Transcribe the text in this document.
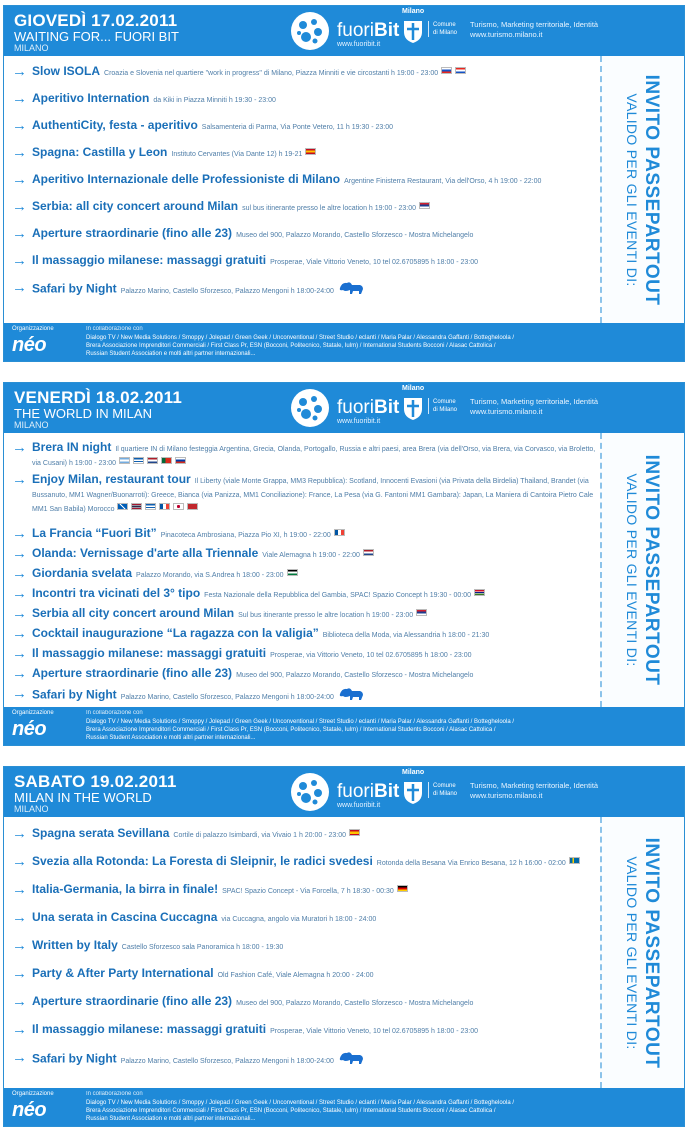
GIOVEDÌ 17.02.2011
WAITING FOR... FUORI BIT
MILANO
fuoriBit
www.fuoribit.it
Milano
Comune
di Milano
Turismo, Marketing territoriale, Identità
www.turismo.milano.it
→ Slow ISOLA Croazia e Slovenia nel quartiere "work in progress" di Milano, Piazza Minniti e vie circostanti h 19:00 - 23:00
→ Aperitivo Internation da Kiki in Piazza Minniti h 19:30 - 23:00
→ AuthentiCity, festa - aperitivo Salsamenteria di Parma, Via Ponte Vetero, 11 h 19:30 - 23:00
→ Spagna: Castilla y Leon Instituto Cervantes (Via Dante 12) h 19-21
→ Aperitivo Internazionale delle Professioniste di Milano Argentine Finisterra Restaurant, Via dell'Orso, 4 h 19:00 - 22:00
→ Serbia: all city concert around Milan sul bus itinerante presso le altre location h 19:00 - 23:00
→ Aperture straordinarie (fino alle 23) Museo del 900, Palazzo Morando, Castello Sforzesco - Mostra Michelangelo
→ Il massaggio milanese: massaggi gratuiti Prosperaе, Viale Vittorio Veneto, 10 tel 02.6705895 h 18:00 - 23:00
→ Safari by Night Palazzo Marino, Castello Sforzesco, Palazzo Mengoni h 18:00-24:00	INVITO PASSEPARTOUT
VALIDO PER GLI EVENTI DI:
Organizzazione
néo
In collaborazione con
Dialogo TV / New Media Solutions / Smoppy / Jolepad / Green Geek / Unconventional / Street Studio / eclanti / Maria Palar / Alessandra Gaffanti / Bottegheloola / Brera Associazione Imprenditori Commerciali / First Class Pr, ESN (Bocconi, Politecnico, Statale, Iulm) / International Students Bocconi / Alasac Cattolica / Russian Student Association e molti altri partner internazionali...
VENERDÌ 18.02.2011
THE WORLD IN MILAN
MILANO
fuoriBit
www.fuoribit.it
Milano
Comune
di Milano
Turismo, Marketing territoriale, Identità
www.turismo.milano.it
→ Brera IN night Il quartiere IN di Milano festeggia Argentina, Grecia, Olanda, Portogallo, Russia e altri paesi, area Brera (via dell'Orso, via Brera, via Corvasco, via Broletto, via Cusani) h 19:00 - 23:00
→ Enjoy Milan, restaurant tour Il Liberty (viale Monte Grappa, MM3 Repubblica): Scotland, Innocenti Evasioni (via Privata della Birdelia) Thailand, Brandet (via Bussanuto, MM1 Wagner/Buonarroti): Greece, Bianca (via Panizza, MM1 Conciliazione): France, La Pesa (via G. Fantoni MM1 Gambara): Japan, La Maniera di Cantoira Pietro Cale MM1 San Babila) Morocco
→ La Francia “Fuori Bit” Pinacoteca Ambrosiana, Piazza Pio XI, h 19:00 - 22:00
→ Olanda: Vernissage d'arte alla Triennale Viale Alemagna h 19:00 - 22:00
→ Giordania svelata Palazzo Morando, via S.Andrea h 18:00 - 23:00
→ Incontri tra vicinati del 3° tipo Festa Nazionale della Repubblica del Gambia, SPAC! Spazio Concept h 19:30 - 00:00
→ Serbia all city concert around Milan Sul bus itinerante presso le altre location h 19:00 - 23:00
→ Cocktail inaugurazione “La ragazza con la valigia” Biblioteca della Moda, via Alessandria h 18:00 - 21:30
→ Il massaggio milanese: massaggi gratuiti Prosperaе, via Vittorio Veneto, 10 tel 02.6705895 h 18:00 - 23:00
→ Aperture straordinarie (fino alle 23) Museo del 900, Palazzo Morando, Castello Sforzesco - Mostra Michelangelo
→ Safari by Night Palazzo Marino, Castello Sforzesco, Palazzo Mengoni h 18:00-24:00
INVITO PASSEPARTOUT
VALIDO PER GLI EVENTI DI:
Organizzazione
néo
In collaborazione con
Dialogo TV / New Media Solutions / Smoppy / Jolepad / Green Geek / Unconventional / Street Studio / eclanti / Maria Palar / Alessandra Gaffanti / Bottegheloola / Brera Associazione Imprenditori Commerciali / First Class Pr, ESN (Bocconi, Politecnico, Statale, Iulm) / International Students Bocconi / Alasac Cattolica / Russian Student Association e molti altri partner internazionali...
SABATO 19.02.2011
MILAN IN THE WORLD
MILANO
fuoriBit
www.fuoribit.it
Milano
Comune
di Milano
Turismo, Marketing territoriale, Identità
www.turismo.milano.it
→ Spagna serata Sevillana Cortile di palazzo Isimbardi, via Vivaio 1 h 20:00 - 23:00
→ Svezia alla Rotonda: La Foresta di Sleipnir, le radici svedesi Rotonda della Besana Via Enrico Besana, 12 h 16:00 - 02:00
→ Italia-Germania, la birra in finale! SPAC! Spazio Concept - Via Forcella, 7 h 18:30 - 00:30
→ Una serata in Cascina Cuccagna via Cuccagna, angolo via Muratori h 18:00 - 24:00
→ Written by Italy Castello Sforzesco sala Panoramica h 18:00 - 19:30
→ Party & After Party International Old Fashion Café, Viale Alemagna h 20:00 - 24:00
→ Aperture straordinarie (fino alle 23) Museo del 900, Palazzo Morando, Castello Sforzesco - Mostra Michelangelo
→ Il massaggio milanese: massaggi gratuiti Prosperaе, Viale Vittorio Veneto, 10 tel 02.6705895 h 18:00 - 23:00
→ Safari by Night Palazzo Marino, Castello Sforzesco, Palazzo Mengoni h 18:00-24:00	INVITO PASSEPARTOUT
VALIDO PER GLI EVENTI DI:
Organizzazione
néo
In collaborazione con
Dialogo TV / New Media Solutions / Smoppy / Jolepad / Green Geek / Unconventional / Street Studio / eclanti / Maria Palar / Alessandra Gaffanti / Bottegheloola / Brera Associazione Imprenditori Commerciali / First Class Pr, ESN (Bocconi, Politecnico, Statale, Iulm) / International Students Bocconi / Alasac Cattolica / Russian Student Association e molti altri partner internazionali...
